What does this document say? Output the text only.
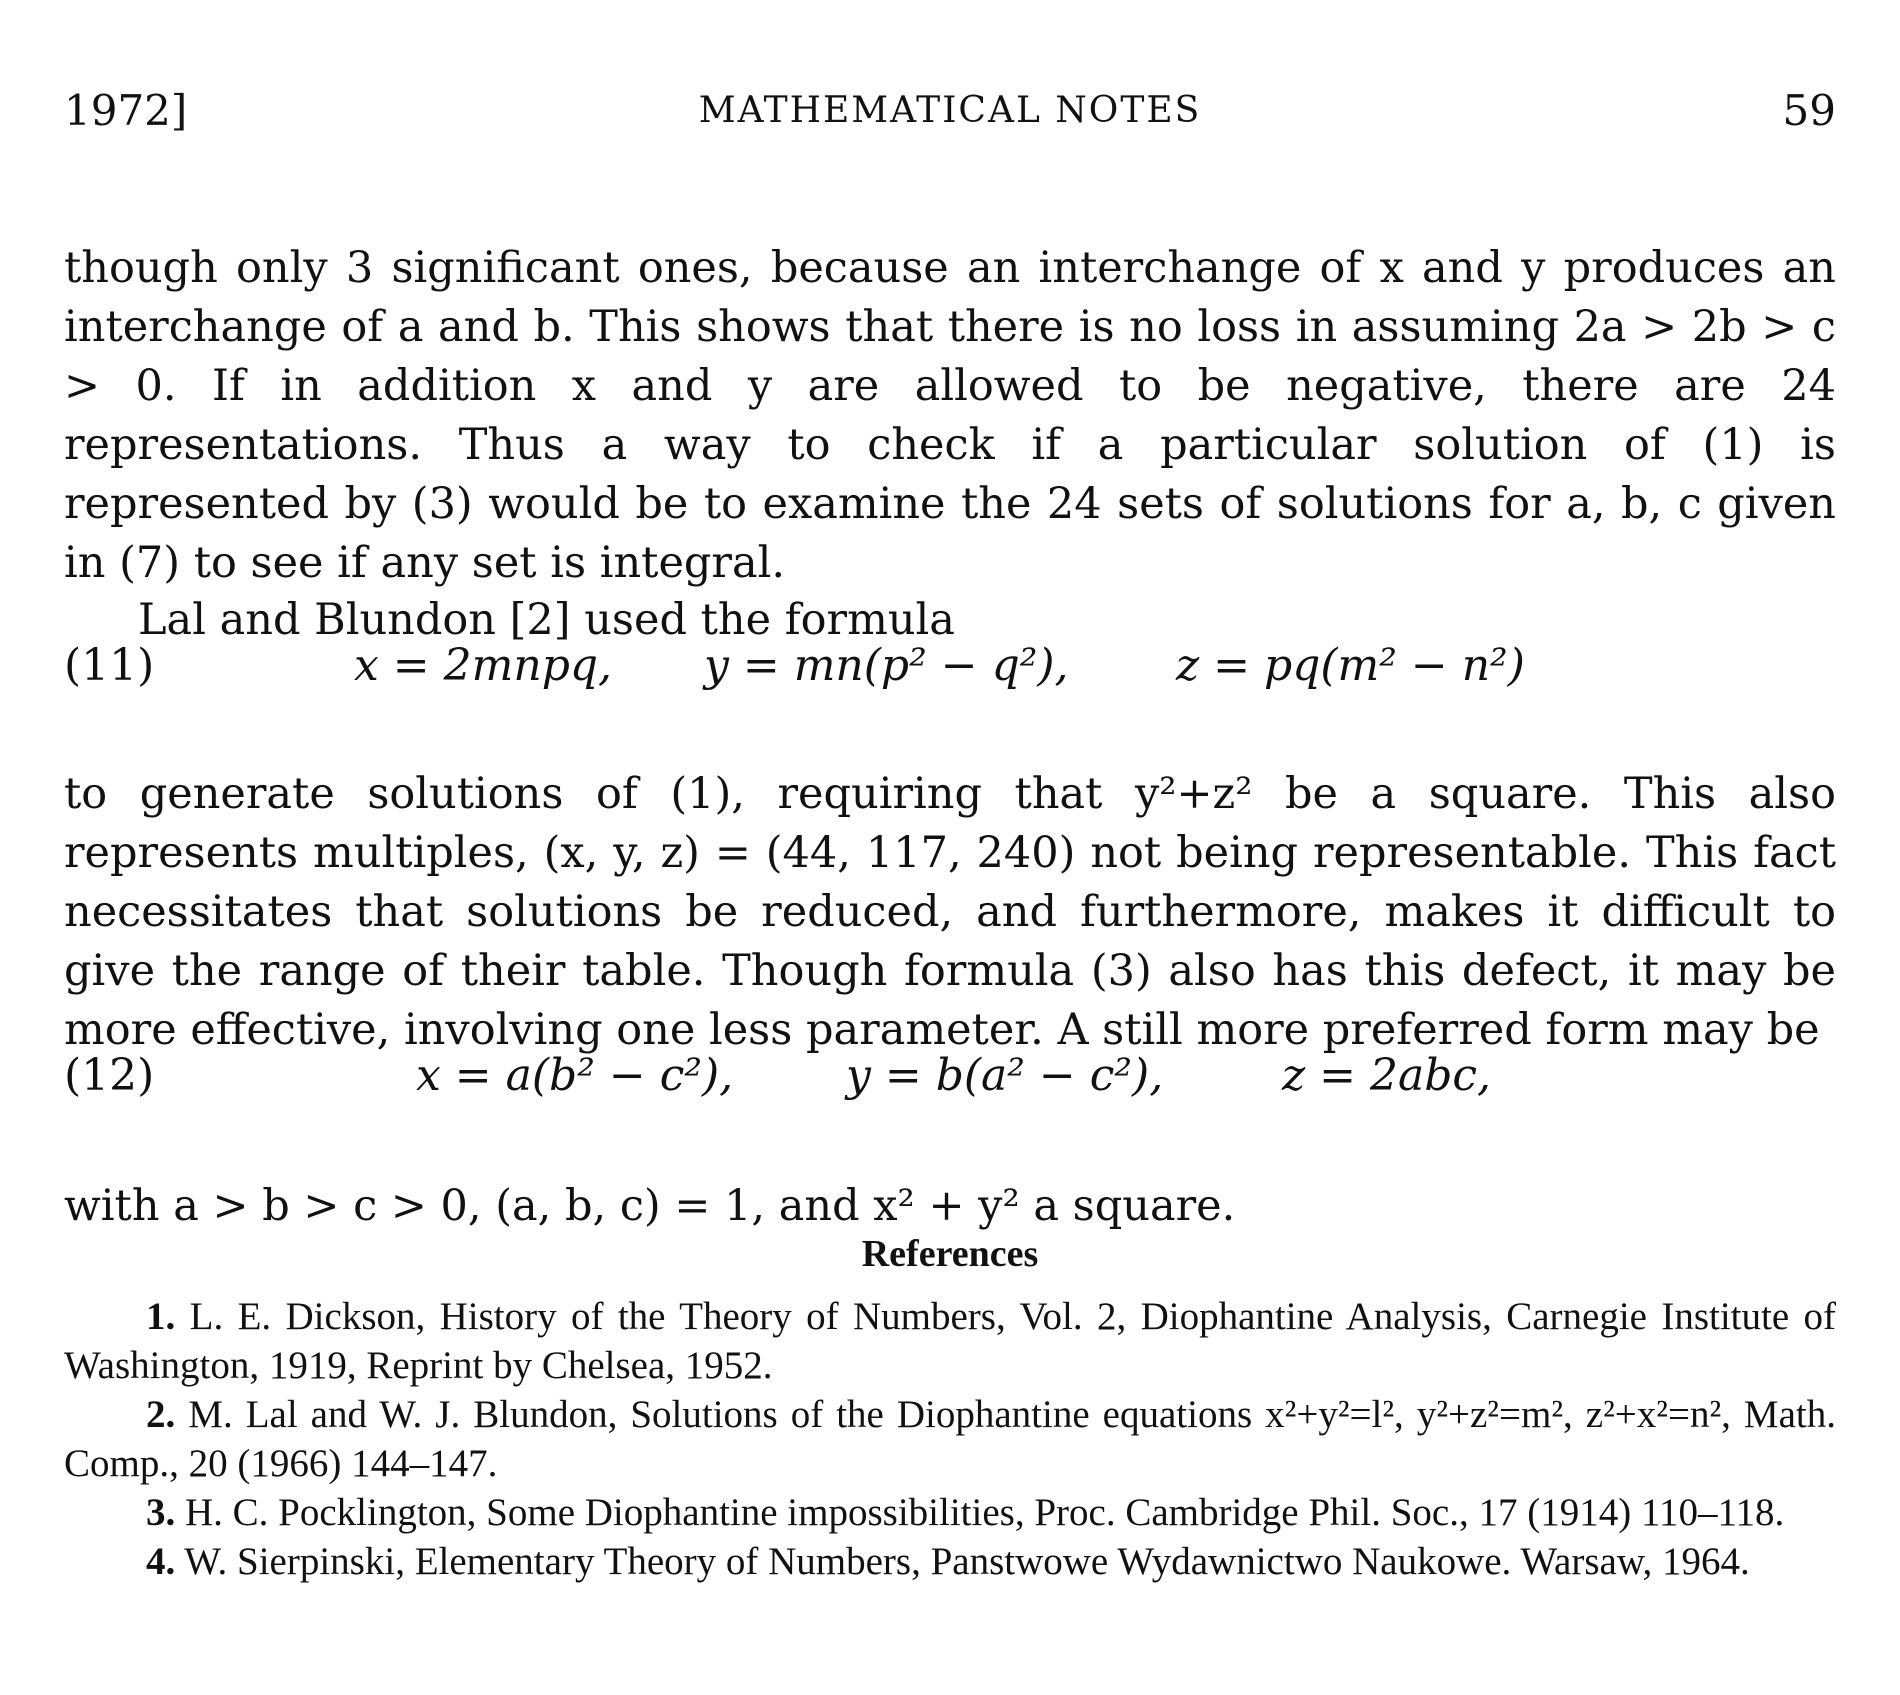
1972]	MATHEMATICAL NOTES	59

though only 3 significant ones, because an interchange of x and y produces an interchange of a and b. This shows that there is no loss in assuming 2a > 2b > c > 0. If in addition x and y are allowed to be negative, there are 24 representations. Thus a way to check if a particular solution of (1) is represented by (3) would be to examine the 24 sets of solutions for a, b, c given in (7) to see if any set is integral.

Lal and Blundon [2] used the formula

(11)	x = 2mnpq, y = mn(p² − q²), z = pq(m² − n²)

to generate solutions of (1), requiring that y²+z² be a square. This also represents multiples, (x, y, z) = (44, 117, 240) not being representable. This fact necessitates that solutions be reduced, and furthermore, makes it difficult to give the range of their table. Though formula (3) also has this defect, it may be more effective, involving one less parameter. A still more preferred form may be

(12)	x = a(b² − c²),	y = b(a² − c²),	z = 2abc,

with a > b > c > 0, (a, b, c) = 1, and x² + y² a square.

References

1. L. E. Dickson, History of the Theory of Numbers, Vol. 2, Diophantine Analysis, Carnegie Institute of Washington, 1919, Reprint by Chelsea, 1952.

2. M. Lal and W. J. Blundon, Solutions of the Diophantine equations x²+y²=l², y²+z²=m², z²+x²=n², Math. Comp., 20 (1966) 144–147.

3. H. C. Pocklington, Some Diophantine impossibilities, Proc. Cambridge Phil. Soc., 17 (1914) 110–118.

4. W. Sierpinski, Elementary Theory of Numbers, Panstwowe Wydawnictwo Naukowe. Warsaw, 1964.
